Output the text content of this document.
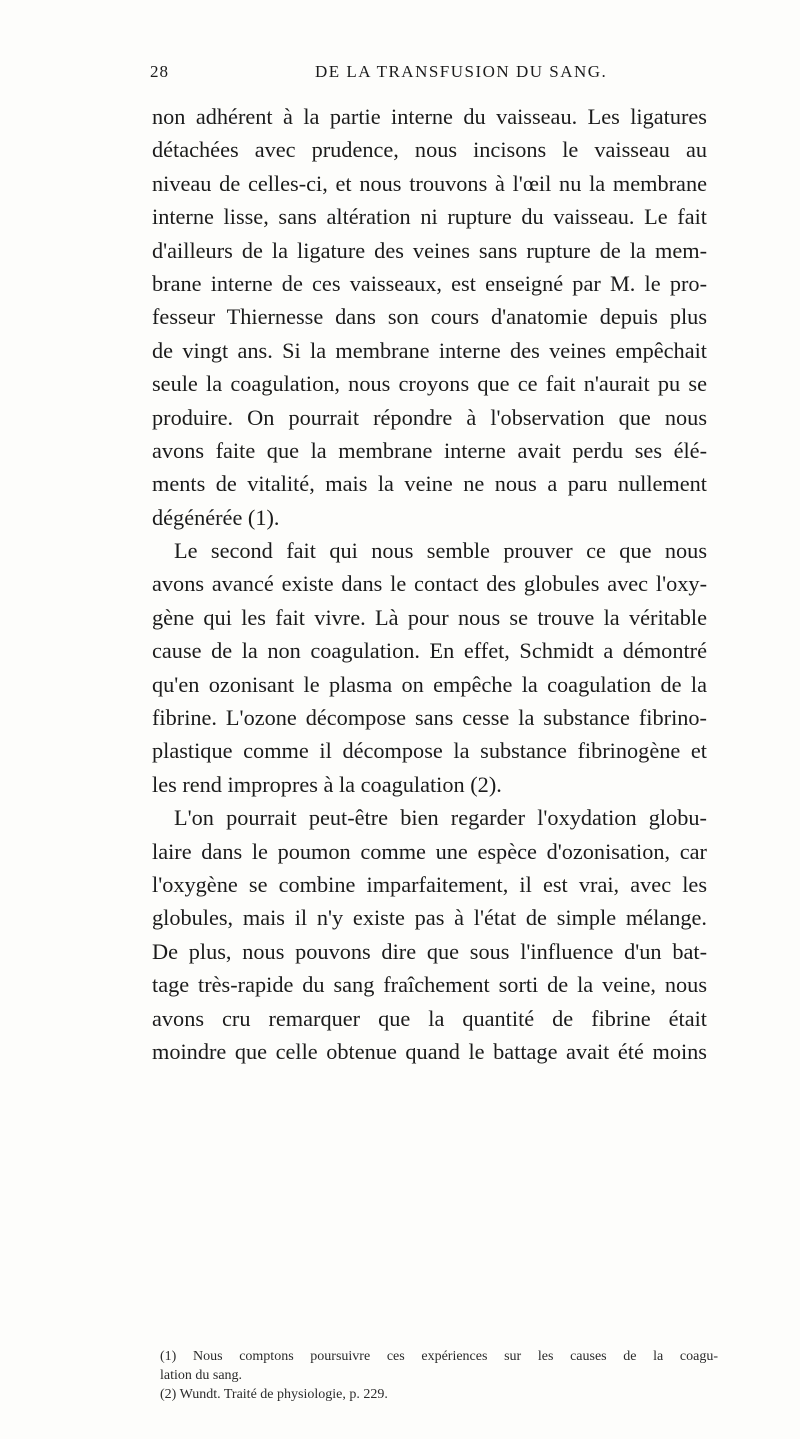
28	DE LA TRANSFUSION DU SANG.
non adhérent à la partie interne du vaisseau. Les ligatures
détachées avec prudence, nous incisons le vaisseau au
niveau de celles-ci, et nous trouvons à l'œil nu la membrane
interne lisse, sans altération ni rupture du vaisseau. Le fait
d'ailleurs de la ligature des veines sans rupture de la mem-
brane interne de ces vaisseaux, est enseigné par M. le pro-
fesseur Thiernesse dans son cours d'anatomie depuis plus
de vingt ans. Si la membrane interne des veines empêchait
seule la coagulation, nous croyons que ce fait n'aurait pu se
produire. On pourrait répondre à l'observation que nous
avons faite que la membrane interne avait perdu ses élé-
ments de vitalité, mais la veine ne nous a paru nullement
dégénérée (1).
Le second fait qui nous semble prouver ce que nous
avons avancé existe dans le contact des globules avec l'oxy-
gène qui les fait vivre. Là pour nous se trouve la véritable
cause de la non coagulation. En effet, Schmidt a démontré
qu'en ozonisant le plasma on empêche la coagulation de la
fibrine. L'ozone décompose sans cesse la substance fibrino-
plastique comme il décompose la substance fibrinogène et
les rend impropres à la coagulation (2).
L'on pourrait peut-être bien regarder l'oxydation globu-
laire dans le poumon comme une espèce d'ozonisation, car
l'oxygène se combine imparfaitement, il est vrai, avec les
globules, mais il n'y existe pas à l'état de simple mélange.
De plus, nous pouvons dire que sous l'influence d'un bat-
tage très-rapide du sang fraîchement sorti de la veine, nous
avons cru remarquer que la quantité de fibrine était
moindre que celle obtenue quand le battage avait été moins
(1) Nous comptons poursuivre ces expériences sur les causes de la coagu-
lation du sang.
(2) Wundt. Traité de physiologie, p. 229.
